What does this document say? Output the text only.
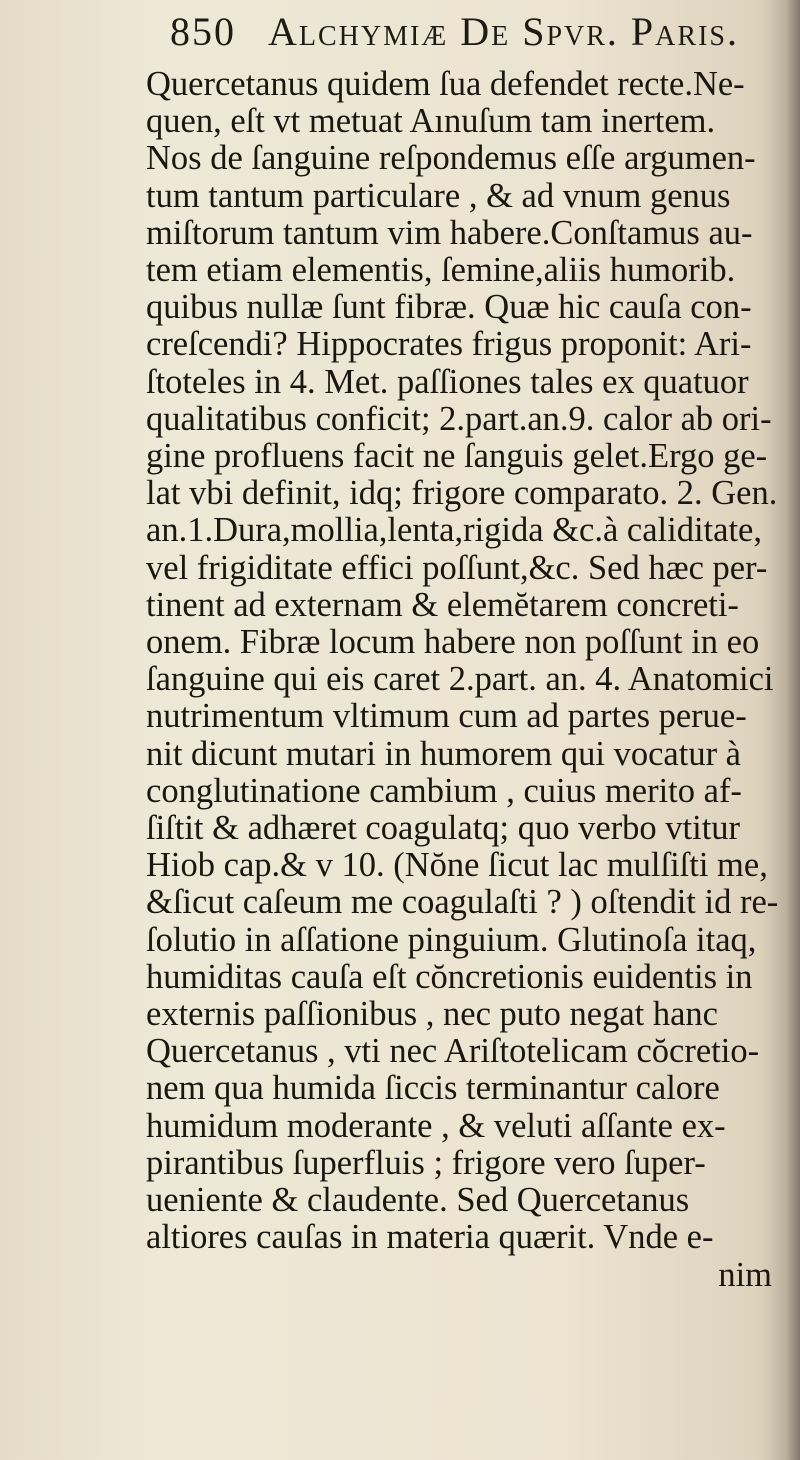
850 Alchymiæ De Spvr. Paris.
Quercetanus quidem ſua defendet recte.Ne-
quen, eſt vt metuat Aınuſum tam inertem.
Nos de ſanguine reſpondemus eſſe argumen-
tum tantum particulare , & ad vnum genus
miſtorum tantum vim habere.Conſtamus au-
tem etiam elementis, ſemine,aliis humorib.
quibus nullæ ſunt fibræ. Quæ hic cauſa con-
creſcendi? Hippocrates frigus proponit: Ari-
ſtoteles in 4. Met. paſſiones tales ex quatuor
qualitatibus conficit; 2.part.an.9. calor ab ori-
gine profluens facit ne ſanguis gelet.Ergo ge-
lat vbi definit, idq; frigore comparato. 2. Gen.
an.1.Dura,mollia,lenta,rigida &c.à caliditate,
vel frigiditate effici poſſunt,&c. Sed hæc per-
tinent ad externam & elemĕtarem concreti-
onem. Fibræ locum habere non poſſunt in eo
ſanguine qui eis caret 2.part. an. 4. Anatomici
nutrimentum vltimum cum ad partes perue-
nit dicunt mutari in humorem qui vocatur à
conglutinatione cambium , cuius merito af-
ſiſtit & adhæret coagulatq; quo verbo vtitur
Hiob cap.& v 10. (Nŏne ſicut lac mulſiſti me,
&ſicut caſeum me coagulaſti ? ) oſtendit id re-
ſolutio in aſſatione pinguium. Glutinoſa itaq,
humiditas cauſa eſt cŏncretionis euidentis in
externis paſſionibus , nec puto negat hanc
Quercetanus , vti nec Ariſtotelicam cŏcretio-
nem qua humida ſiccis terminantur calore
humidum moderante , & veluti aſſante ex-
pirantibus ſuperfluis ; frigore vero ſuper-
ueniente & claudente. Sed Quercetanus
altiores cauſas in materia quærit. Vnde e-
nim
